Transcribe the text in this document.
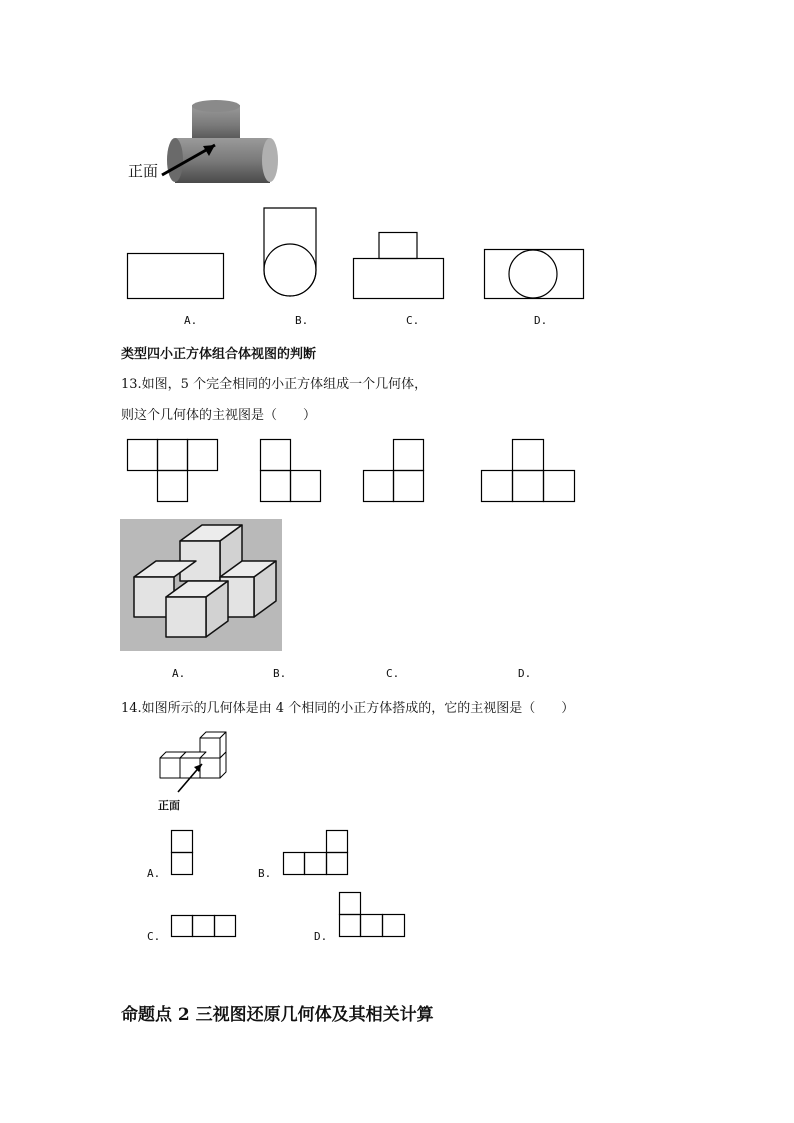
正面
A.	B.	C.	D.
类型四小正方体组合体视图的判断
13.如图，5 个完全相同的小正方体组成一个几何体，
则这个几何体的主视图是（　　）
A.	B.	C.	D.
14.如图所示的几何体是由 4 个相同的小正方体搭成的，它的主视图是（　　）
正面
A.	B.
C.	D.
命题点 2 三视图还原几何体及其相关计算
